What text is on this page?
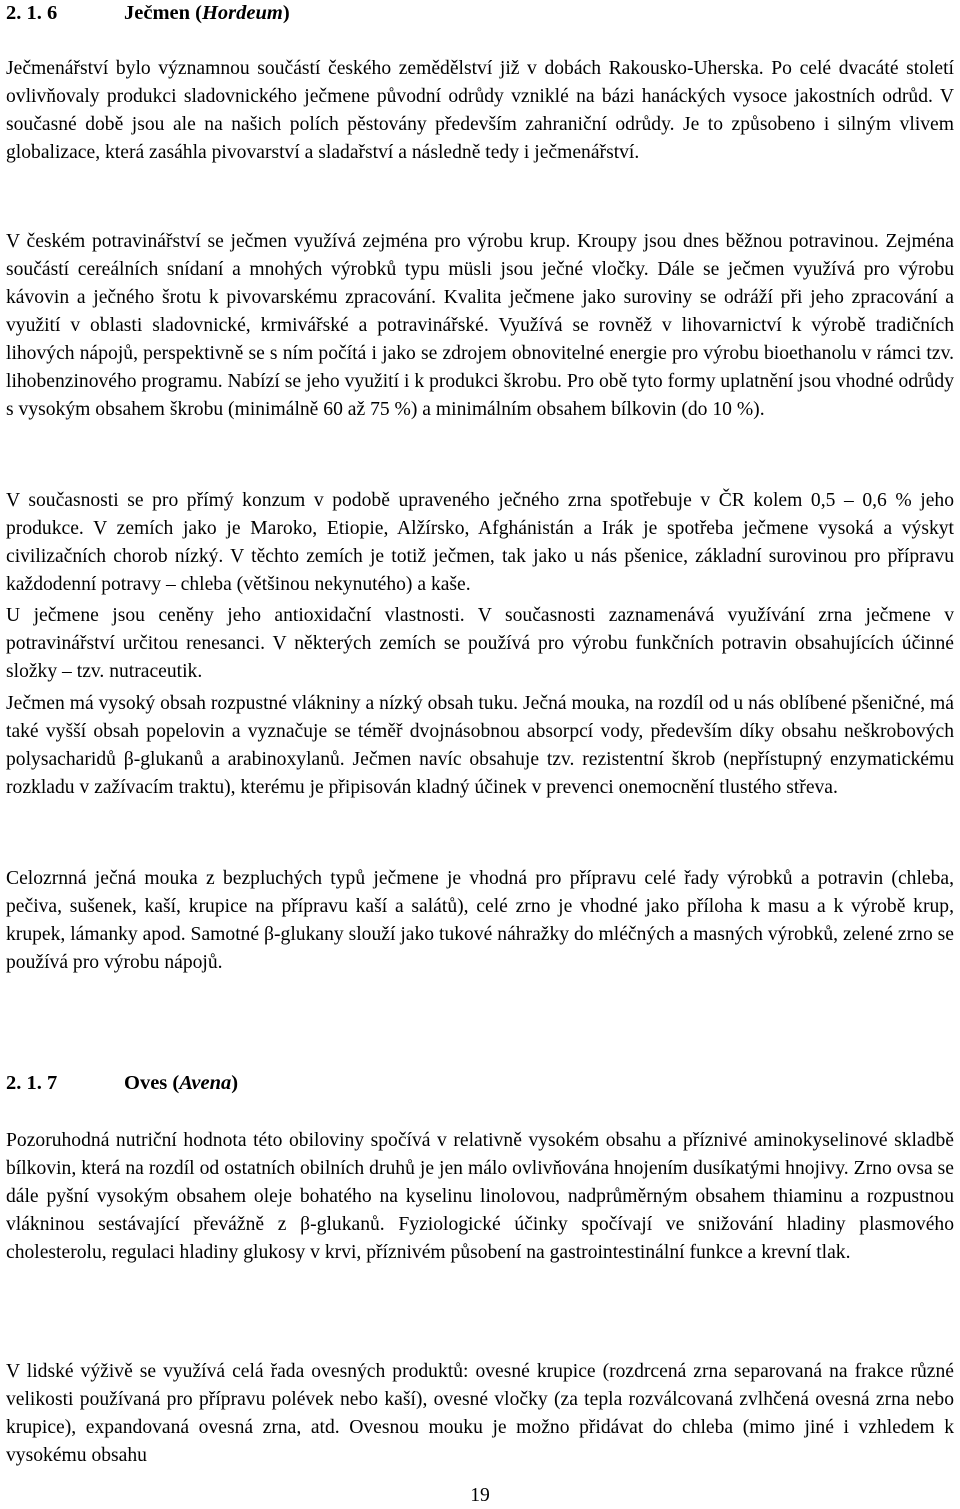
2. 1. 6	Ječmen (Hordeum)

Ječmenářství bylo významnou součástí českého zemědělství již v dobách Rakousko-Uherska. Po celé dvacáté století ovlivňovaly produkci sladovnického ječmene původní odrůdy vzniklé na bázi hanáckých vysoce jakostních odrůd. V současné době jsou ale na našich polích pěstovány především zahraniční odrůdy. Je to způsobeno i silným vlivem globalizace, která zasáhla pivovarství a sladařství a následně tedy i ječmenářství.

V českém potravinářství se ječmen využívá zejména pro výrobu krup. Kroupy jsou dnes běžnou potravinou. Zejména součástí cereálních snídaní a mnohých výrobků typu müsli jsou ječné vločky. Dále se ječmen využívá pro výrobu kávovin a ječného šrotu k pivovarskému zpracování. Kvalita ječmene jako suroviny se odráží při jeho zpracování a využití v oblasti sladovnické, krmivářské a potravinářské. Využívá se rovněž v lihovarnictví k výrobě tradičních lihových nápojů, perspektivně se s ním počítá i jako se zdrojem obnovitelné energie pro výrobu bioethanolu v rámci tzv. lihobenzinového programu. Nabízí se jeho využití i k produkci škrobu. Pro obě tyto formy uplatnění jsou vhodné odrůdy s vysokým obsahem škrobu (minimálně 60 až 75 %) a minimálním obsahem bílkovin (do 10 %).

V současnosti se pro přímý konzum v podobě upraveného ječného zrna spotřebuje v ČR kolem 0,5 – 0,6 % jeho produkce. V zemích jako je Maroko, Etiopie, Alžírsko, Afghánistán a Irák je spotřeba ječmene vysoká a výskyt civilizačních chorob nízký. V těchto zemích je totiž ječmen, tak jako u nás pšenice, základní surovinou pro přípravu každodenní potravy – chleba (většinou nekynutého) a kaše.

U ječmene jsou ceněny jeho antioxidační vlastnosti. V současnosti zaznamenává využívání zrna ječmene v potravinářství určitou renesanci. V některých zemích se používá pro výrobu funkčních potravin obsahujících účinné složky – tzv. nutraceutik.

Ječmen má vysoký obsah rozpustné vlákniny a nízký obsah tuku. Ječná mouka, na rozdíl od u nás oblíbené pšeničné, má také vyšší obsah popelovin a vyznačuje se téměř dvojnásobnou absorpcí vody, především díky obsahu neškrobových polysacharidů β-glukanů a arabinoxylanů. Ječmen navíc obsahuje tzv. rezistentní škrob (nepřístupný enzymatickému rozkladu v zažívacím traktu), kterému je připisován kladný účinek v prevenci onemocnění tlustého střeva.

Celozrnná ječná mouka z bezpluchých typů ječmene je vhodná pro přípravu celé řady výrobků a potravin (chleba, pečiva, sušenek, kaší, krupice na přípravu kaší a salátů), celé zrno je vhodné jako příloha k masu a k výrobě krup, krupek, lámanky apod. Samotné β-glukany slouží jako tukové náhražky do mléčných a masných výrobků, zelené zrno se používá pro výrobu nápojů.

2. 1. 7	Oves (Avena)

Pozoruhodná nutriční hodnota této obiloviny spočívá v relativně vysokém obsahu a příznivé aminokyselinové skladbě bílkovin, která na rozdíl od ostatních obilních druhů je jen málo ovlivňována hnojením dusíkatými hnojivy. Zrno ovsa se dále pyšní vysokým obsahem oleje bohatého na kyselinu linolovou, nadprůměrným obsahem thiaminu a rozpustnou vlákninou sestávající převážně z β-glukanů. Fyziologické účinky spočívají ve snižování hladiny plasmového cholesterolu, regulaci hladiny glukosy v krvi, příznivém působení na gastrointestinální funkce a krevní tlak.

V lidské výživě se využívá celá řada ovesných produktů: ovesné krupice (rozdrcená zrna separovaná na frakce různé velikosti používaná pro přípravu polévek nebo kaší), ovesné vločky (za tepla rozválcovaná zvlhčená ovesná zrna nebo krupice), expandovaná ovesná zrna, atd. Ovesnou mouku je možno přidávat do chleba (mimo jiné i vzhledem k vysokému obsahu

19
